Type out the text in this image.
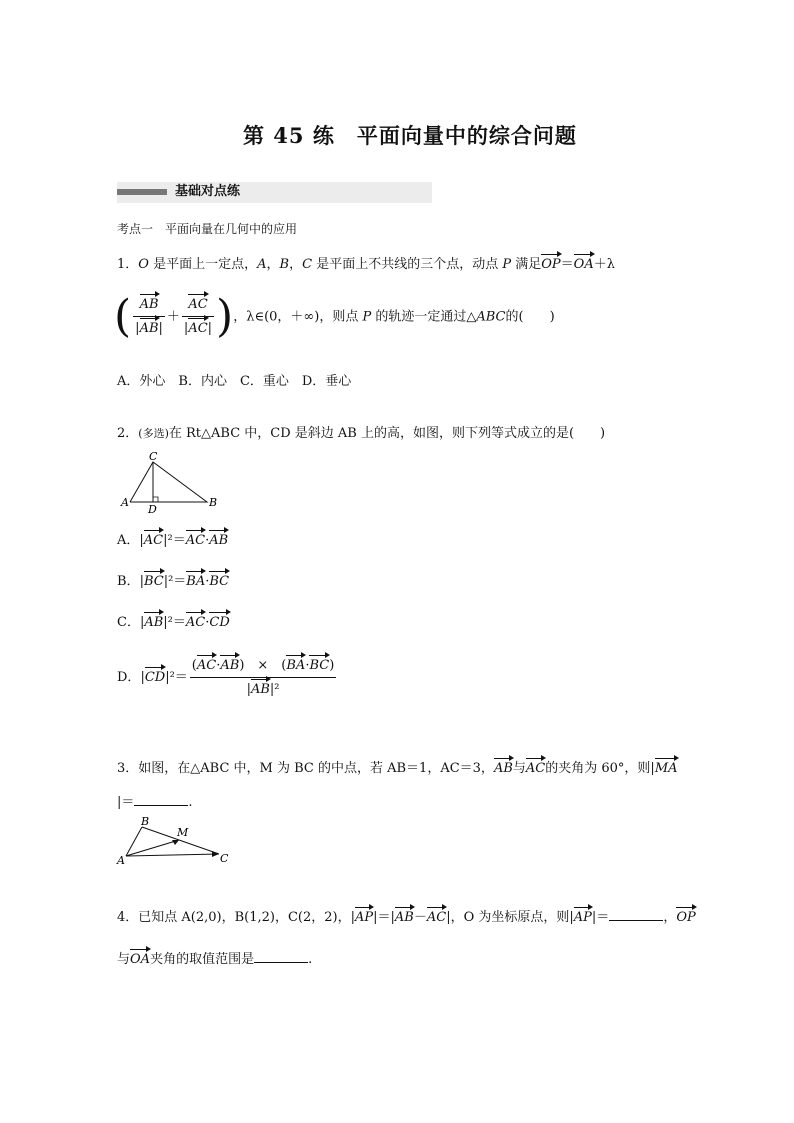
第 45 练　平面向量中的综合问题
基础对点练
考点一　平面向量在几何中的应用
1．O 是平面上一定点，A，B，C 是平面上不共线的三个点，动点 P 满足OP＝OA＋λ
( $\frac{AB}{|AB|} + \frac{AC}{|AC|}$ )，λ∈(0，＋∞)，则点 P 的轨迹一定通过△ABC的(　　)
A．外心　B．内心　C．重心　D．垂心
2．(多选)在 Rt△ABC 中，CD 是斜边 AB 上的高，如图，则下列等式成立的是(　　)
A	B
C
D
A．|AC|²＝AC·AB
B．|BC|²＝BA·BC
C．|AB|²＝AC·CD
D．$|CD|^2= \frac{(AC\cdot AB) \times (BA\cdot BC)}{\text{|AB|²}}$
3．如图，在△ABC 中，M 为 BC 的中点，若 AB＝1，AC＝3，AB与AC的夹角为 60°，则|MA
|＝	.
A
B
C
M
4．已知点 A(2,0)，B(1,2)，C(2，2)，|AP|＝|AB－AC|，O 为坐标原点，则|AP|＝	，OP
与OA夹角的取值范围是	.
